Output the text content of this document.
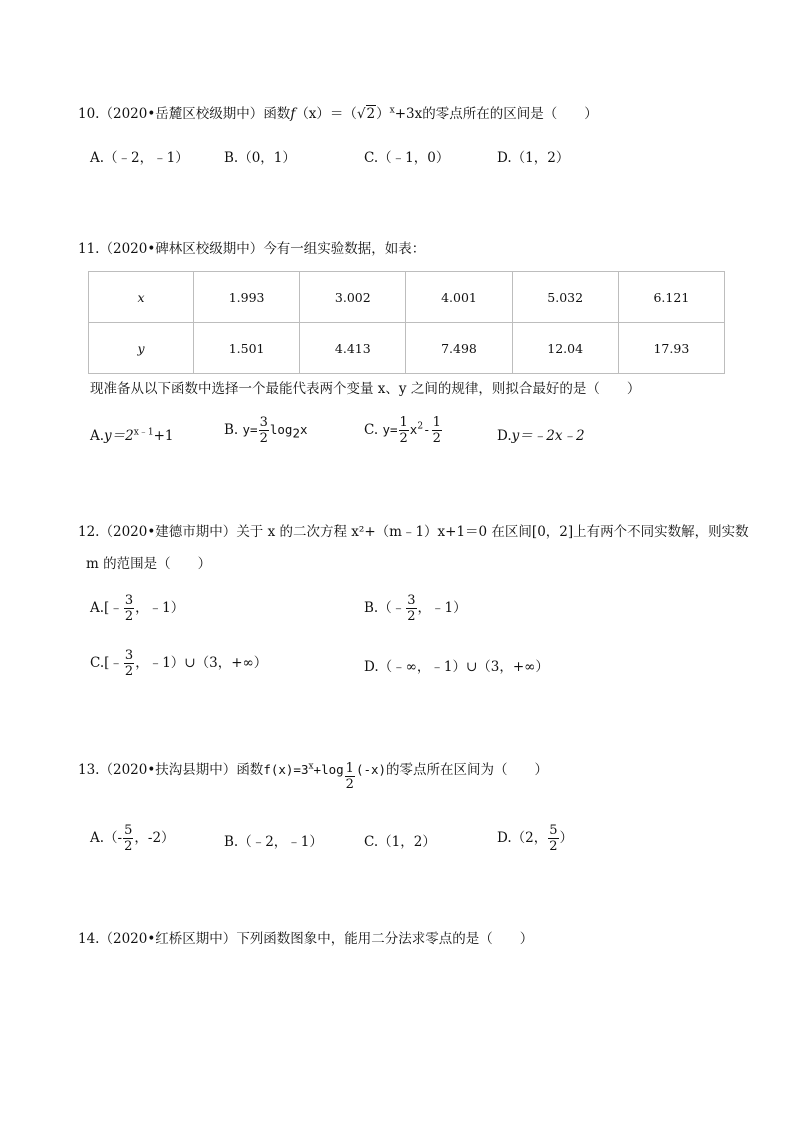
10.（2020•岳麓区校级期中）函数$f(x)=(√2)^x+3x$的零点所在的区间是（　　）
A.（﹣2，﹣1）	B.（0，1）	C.（﹣1，0）	D.（1，2）
11.（2020•碑林区校级期中）今有一组实验数据，如表：
x	1.993	3.002	4.001	5.032	6.121
y	1.501	4.413	7.498	12.04	17.93
现准备从以下函数中选择一个最能代表两个变量 x、y 之间的规律，则拟合最好的是（　　）
$A.y=2^{x﹣1}+1$	B. $y= \frac{3}{2} \log_2x$	C. $y= \frac{1}{2} x^2- \frac{1}{2}$	D.y＝﹣2x﹣2
12.（2020•建德市期中）关于 x 的二次方程 x²+（m﹣1）x+1＝0 在区间[0，2]上有两个不同实数解，则实数
m 的范围是（　　）
A.[﹣ $\frac{3}{2}$ ，﹣1）	B.（﹣ $\frac{3}{2}$ ，﹣1）
C.[﹣ $\frac{3}{2}$ ，﹣1）∪（3，+∞）	D.（﹣∞，﹣1）∪（3，+∞）
13.（2020•扶沟县期中）函数$f(x)=3^x+\log \frac{1}{2} (-x)$的零点所在区间为（　　）
$A.(- \frac{5}{2}$ ，-2）	B.（﹣2，﹣1）	C.（1，2）	D.（2， $\frac{5}{2}$ ）
14.（2020•红桥区期中）下列函数图象中，能用二分法求零点的是（　　）
